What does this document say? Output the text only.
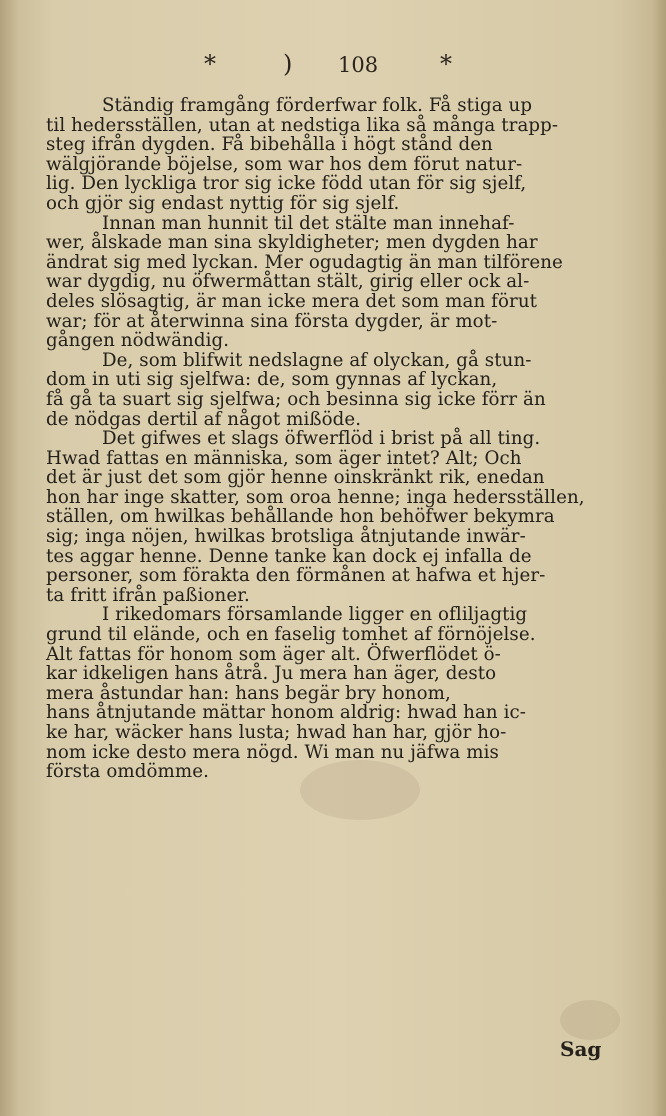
*	) 108	*
Ständig framgång förderfwar folk. Få stiga up
til hedersställen, utan at nedstiga lika så många trapp-
steg ifrån dygden. Få bibehålla i högt stånd den
wälgjörande böjelse, som war hos dem förut natur-
lig. Den lyckliga tror sig icke född utan för sig sjelf,
och gjör sig endast nyttig för sig sjelf.
Innan man hunnit til det stälte man innehaf-
wer, ålskade man sina skyldigheter; men dygden har
ändrat sig med lyckan. Mer ogudagtig än man tilförene
war dygdig, nu öfwermåttan stält, girig eller ock al-
deles slösagtig, är man icke mera det som man förut
war; för at återwinna sina första dygder, är mot-
gången nödwändig.
De, som blifwit nedslagne af olyckan, gå stun-
dom in uti sig sjelfwa: de, som gynnas af lyckan,
få gå ta suart sig sjelfwa; och besinna sig icke förr än
de nödgas dertil af något mißöde.
Det gifwes et slags öfwerflöd i brist på all ting.
Hwad fattas en människa, som äger intet? Alt; Och
det är just det som gjör henne oinskränkt rik, enedan
hon har inge skatter, som oroa henne; inga hedersställen,
ställen, om hwilkas behållande hon behöfwer bekymra
sig; inga nöjen, hwilkas brotsliga åtnjutande inwär-
tes aggar henne. Denne tanke kan dock ej infalla de
personer, som förakta den förmånen at hafwa et hjer-
ta fritt ifrån paßioner.
I rikedomars församlande ligger en ofliljagtig
grund til elände, och en faselig tomhet af förnöjelse.
Alt fattas för honom som äger alt. Öfwerflödet ö-
kar idkeligen hans åtrå. Ju mera han äger, desto
mera åstundar han: hans begär bry honom,
hans åtnjutande mättar honom aldrig: hwad han ic-
ke har, wäcker hans lusta; hwad han har, gjör ho-
nom icke desto mera nögd. Wi man nu jäfwa mis
första omdömme.
Sag
